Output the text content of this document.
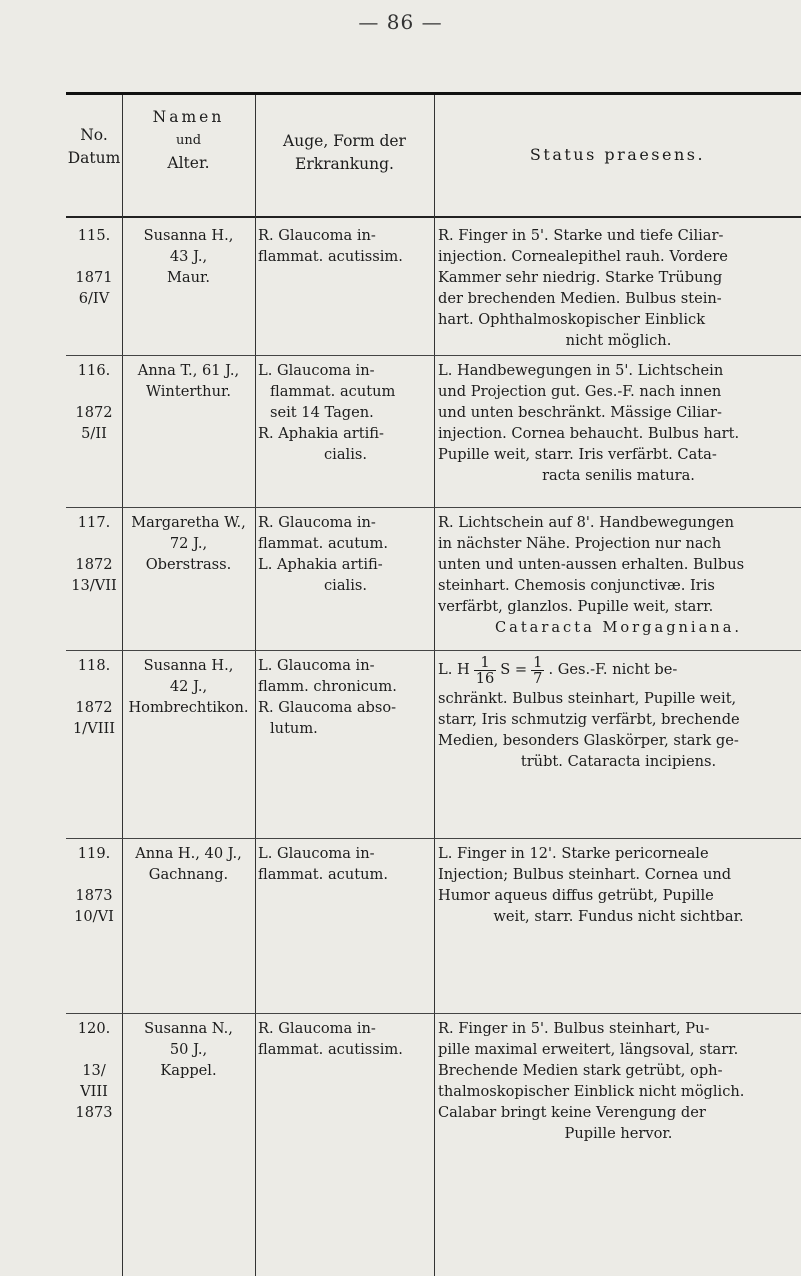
— 86 —
No.
Datum
Namen
und
Alter.
Auge, Form der
Erkrankung.	Status praesens.
115.
1871
6/IV
Susanna H.,
43 J.,
Maur.
R. Glaucoma in-
flammat. acutissim.
R. Finger in 5'. Starke und tiefe Ciliar-
injection. Cornealepithel rauh. Vordere
Kammer sehr niedrig. Starke Trübung
der brechenden Medien. Bulbus stein-
hart. Ophthalmoskopischer Einblick
nicht möglich.
116.
1872
5/II
Anna T., 61 J.,
Winterthur.
L. Glaucoma in-
flammat. acutum
seit 14 Tagen.
R. Aphakia artifi-
cialis.
L. Handbewegungen in 5'. Lichtschein
und Projection gut. Ges.-F. nach innen
und unten beschränkt. Mässige Ciliar-
injection. Cornea behaucht. Bulbus hart.
Pupille weit, starr. Iris verfärbt. Cata-
racta senilis matura.
117.
1872
13/VII
Margaretha W.,
72 J.,
Oberstrass.
R. Glaucoma in-
flammat. acutum.
L. Aphakia artifi-
cialis.
R. Lichtschein auf 8'. Handbewegungen
in nächster Nähe. Projection nur nach
unten und unten-aussen erhalten. Bulbus
steinhart. Chemosis conjunctivæ. Iris
verfärbt, glanzlos. Pupille weit, starr.
Cataracta Morgagniana.
118.
1872
1/VIII
Susanna H.,
42 J.,
Hombrechtikon.
L. Glaucoma in-
flamm. chronicum.
R. Glaucoma abso-
lutum.
L. H $\frac{1}{16}$ $S = \frac{1}{7}$ . Ges.-F. nicht be-
schränkt. Bulbus steinhart, Pupille weit,
starr, Iris schmutzig verfärbt, brechende
Medien, besonders Glaskörper, stark ge-
trübt. Cataracta incipiens.
119.
1873
10/VI
Anna H., 40 J.,
Gachnang.
L. Glaucoma in-
flammat. acutum.
L. Finger in 12'. Starke pericorneale
Injection; Bulbus steinhart. Cornea und
Humor aqueus diffus getrübt, Pupille
weit, starr. Fundus nicht sichtbar.
120.
13/
VIII
1873
Susanna N.,
50 J.,
Kappel.
R. Glaucoma in-
flammat. acutissim.
R. Finger in 5'. Bulbus steinhart, Pu-
pille maximal erweitert, längsoval, starr.
Brechende Medien stark getrübt, oph-
thalmoskopischer Einblick nicht möglich.
Calabar bringt keine Verengung der
Pupille hervor.
